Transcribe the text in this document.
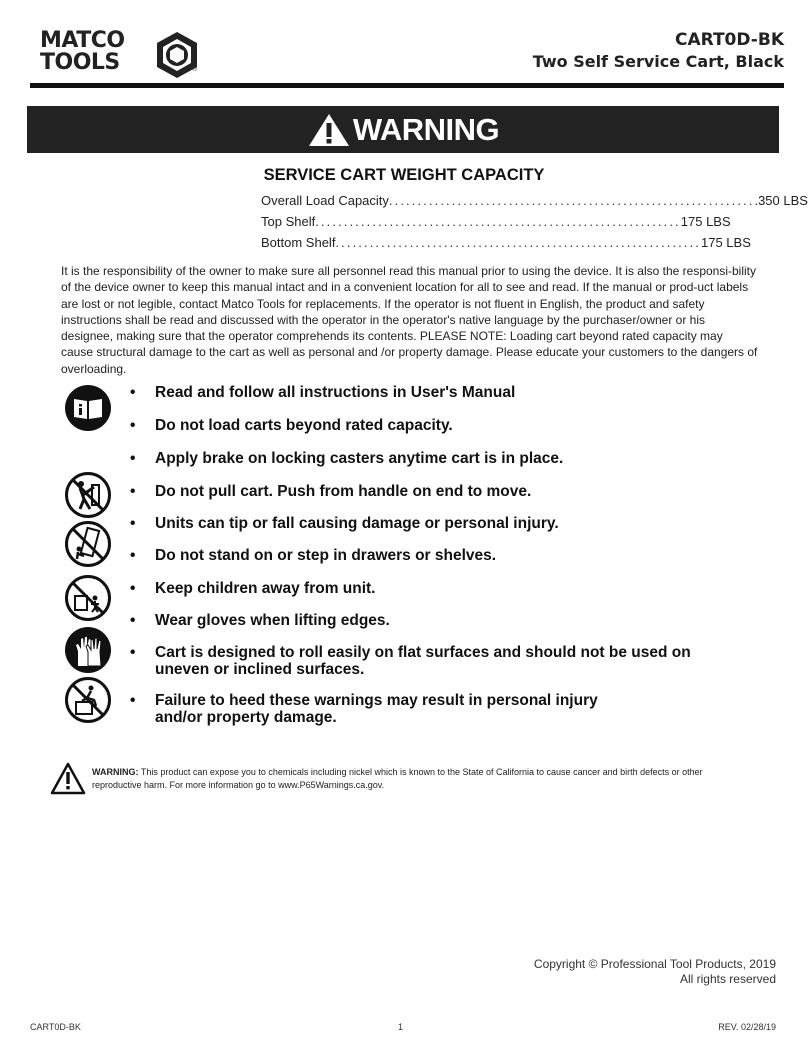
MATCO
TOOLS	®
CART0D-BK
Two Self Service Cart, Black
WARNING
SERVICE CART WEIGHT CAPACITY
Overall Load Capacity ................................................................ .350 LBS
Top Shelf ................................................................ 175 LBS
Bottom Shelf ................................................................ 175 LBS

It is the responsibility of the owner to make sure all personnel read this manual prior to using the device. It is also the responsi-bility of the device owner to keep this manual intact and in a convenient location for all to see and read. If the manual or prod-uct labels are lost or not legible, contact Matco Tools for replacements. If the operator is not fluent in English, the product and safety instructions shall be read and discussed with the operator in the operator's native language by the purchaser/owner or his designee, making sure that the operator comprehends its contents. PLEASE NOTE: Loading cart beyond rated capacity may cause structural damage to the cart as well as personal and /or property damage. Please educate your customers to the dangers of overloading.

•	Read and follow all instructions in User's Manual
•	Do not load carts beyond rated capacity.
•	Apply brake on locking casters anytime cart is in place.
•	Do not pull cart. Push from handle on end to move.
•	Units can tip or fall causing damage or personal injury.
•	Do not stand on or step in drawers or shelves.
•	Keep children away from unit.
•	Wear gloves when lifting edges.
•	Cart is designed to roll easily on flat surfaces and should not be used on uneven or inclined surfaces.
•	Failure to heed these warnings may result in personal injury and/or property damage.

WARNING: This product can expose you to chemicals including nickel which is known to the State of California to cause cancer and birth defects or other reproductive harm. For more information go to www.P65Warnings.ca.gov.

Copyright © Professional Tool Products, 2019
All rights reserved
CART0D-BK	1	REV. 02/28/19
